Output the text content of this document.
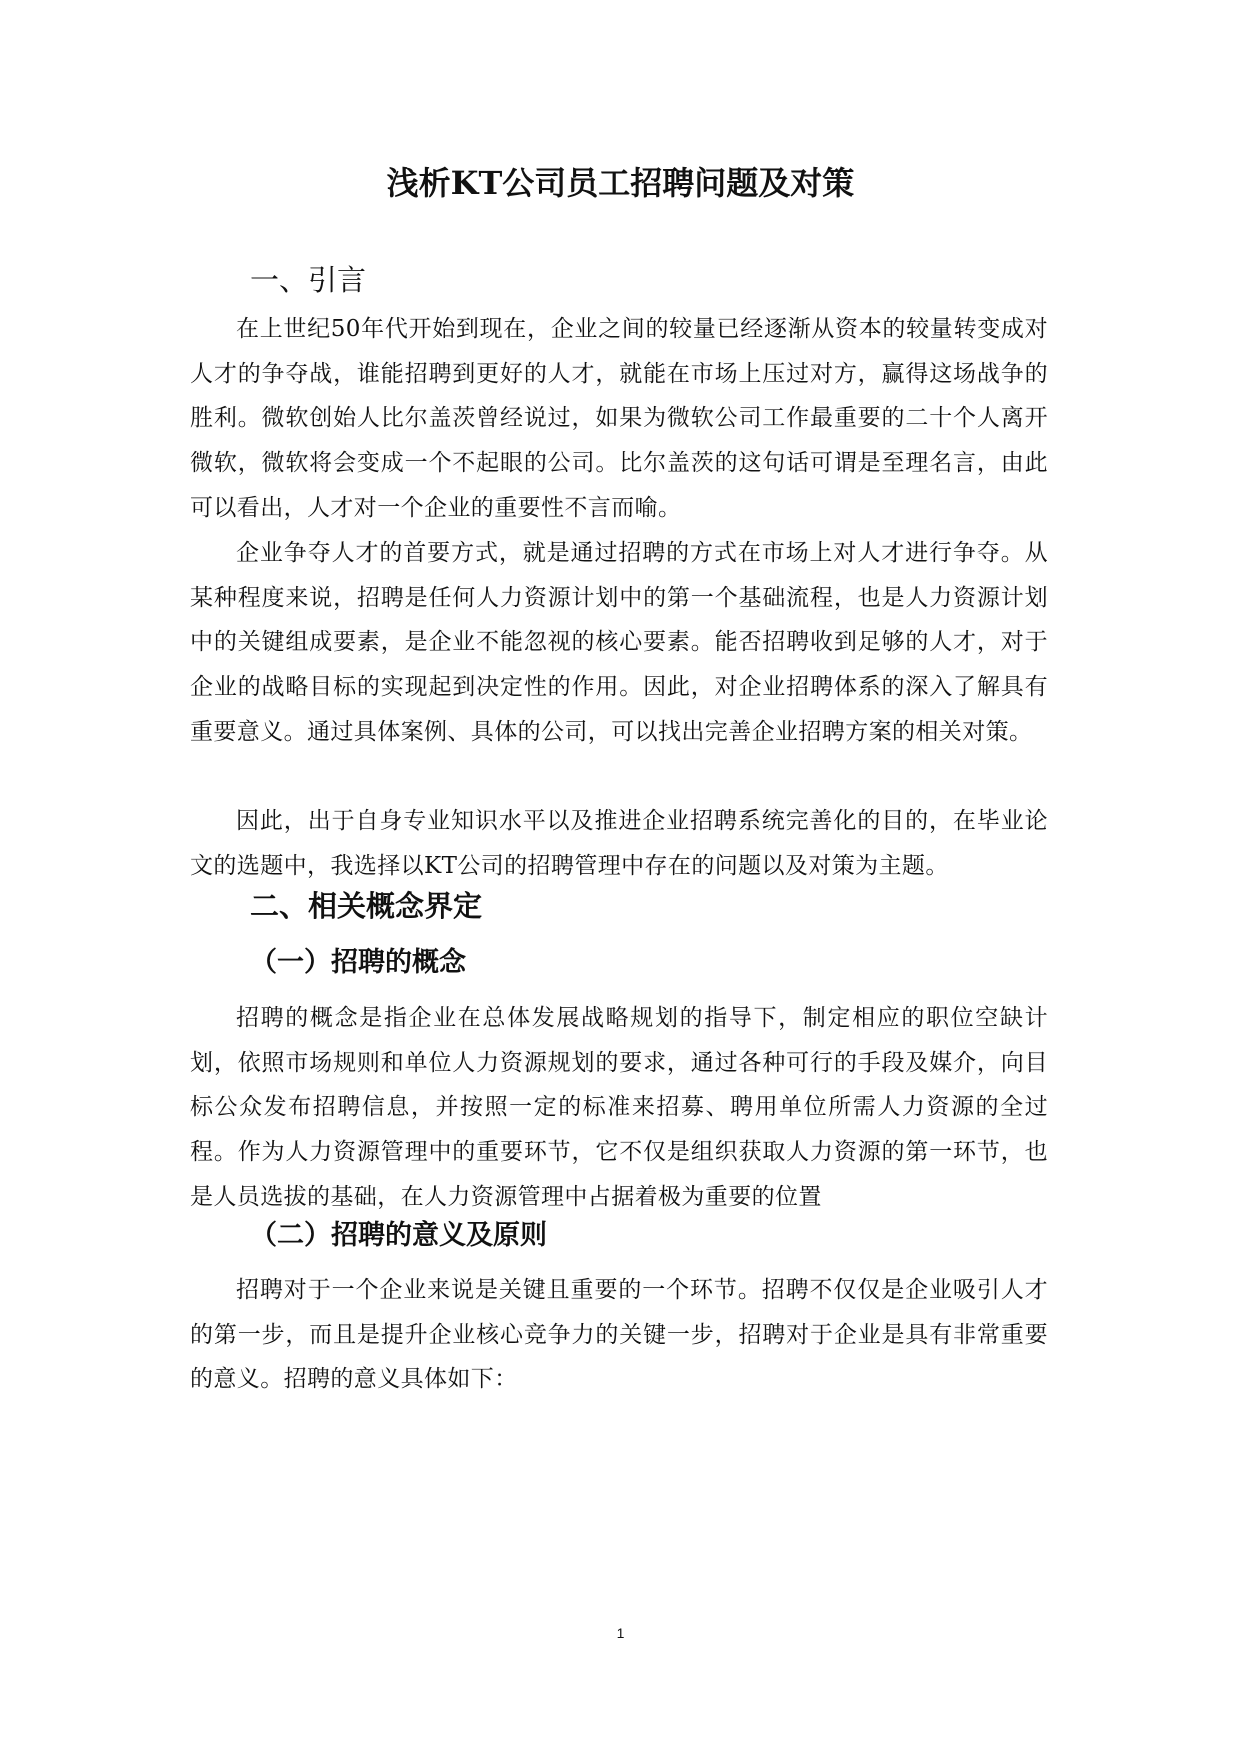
浅析KT公司员工招聘问题及对策
一、引言

在上世纪50年代开始到现在，企业之间的较量已经逐渐从资本的较量转变成对人才的争夺战，谁能招聘到更好的人才，就能在市场上压过对方，赢得这场战争的胜利。微软创始人比尔盖茨曾经说过，如果为微软公司工作最重要的二十个人离开微软，微软将会变成一个不起眼的公司。比尔盖茨的这句话可谓是至理名言，由此可以看出，人才对一个企业的重要性不言而喻。

企业争夺人才的首要方式，就是通过招聘的方式在市场上对人才进行争夺。从某种程度来说，招聘是任何人力资源计划中的第一个基础流程，也是人力资源计划中的关键组成要素，是企业不能忽视的核心要素。能否招聘收到足够的人才，对于企业的战略目标的实现起到决定性的作用。因此，对企业招聘体系的深入了解具有重要意义。通过具体案例、具体的公司，可以找出完善企业招聘方案的相关对策。

因此，出于自身专业知识水平以及推进企业招聘系统完善化的目的，在毕业论文的选题中，我选择以KT公司的招聘管理中存在的问题以及对策为主题。

二、相关概念界定
（一）招聘的概念

招聘的概念是指企业在总体发展战略规划的指导下，制定相应的职位空缺计划，依照市场规则和单位人力资源规划的要求，通过各种可行的手段及媒介，向目标公众发布招聘信息，并按照一定的标准来招募、聘用单位所需人力资源的全过程。作为人力资源管理中的重要环节，它不仅是组织获取人力资源的第一环节，也是人员选拔的基础，在人力资源管理中占据着极为重要的位置

（二）招聘的意义及原则

招聘对于一个企业来说是关键且重要的一个环节。招聘不仅仅是企业吸引人才的第一步，而且是提升企业核心竞争力的关键一步，招聘对于企业是具有非常重要的意义。招聘的意义具体如下：

1
